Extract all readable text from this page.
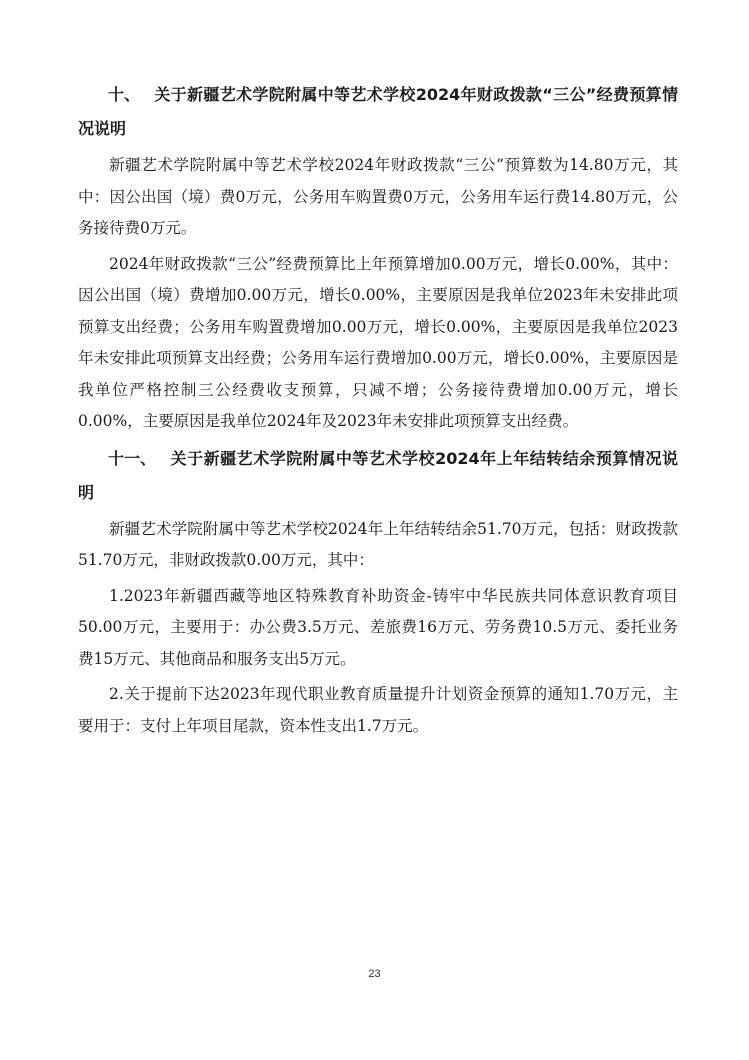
十、 关于新疆艺术学院附属中等艺术学校2024年财政拨款“三公”经费预算情况说明

新疆艺术学院附属中等艺术学校2024年财政拨款“三公”预算数为14.80万元，其中：因公出国（境）费0万元，公务用车购置费0万元，公务用车运行费14.80万元，公务接待费0万元。

2024年财政拨款“三公”经费预算比上年预算增加0.00万元，增长0.00%，其中：因公出国（境）费增加0.00万元，增长0.00%，主要原因是我单位2023年未安排此项预算支出经费；公务用车购置费增加0.00万元，增长0.00%，主要原因是我单位2023年未安排此项预算支出经费；公务用车运行费增加0.00万元，增长0.00%，主要原因是我单位严格控制三公经费收支预算，只减不增；公务接待费增加0.00万元，增长0.00%，主要原因是我单位2024年及2023年未安排此项预算支出经费。

十一、 关于新疆艺术学院附属中等艺术学校2024年上年结转结余预算情况说明

新疆艺术学院附属中等艺术学校2024年上年结转结余51.70万元，包括：财政拨款51.70万元，非财政拨款0.00万元，其中：

1.2023年新疆西藏等地区特殊教育补助资金-铸牢中华民族共同体意识教育项目50.00万元，主要用于：办公费3.5万元、差旅费16万元、劳务费10.5万元、委托业务费15万元、其他商品和服务支出5万元。

2.关于提前下达2023年现代职业教育质量提升计划资金预算的通知1.70万元，主要用于：支付上年项目尾款，资本性支出1.7万元。

23
